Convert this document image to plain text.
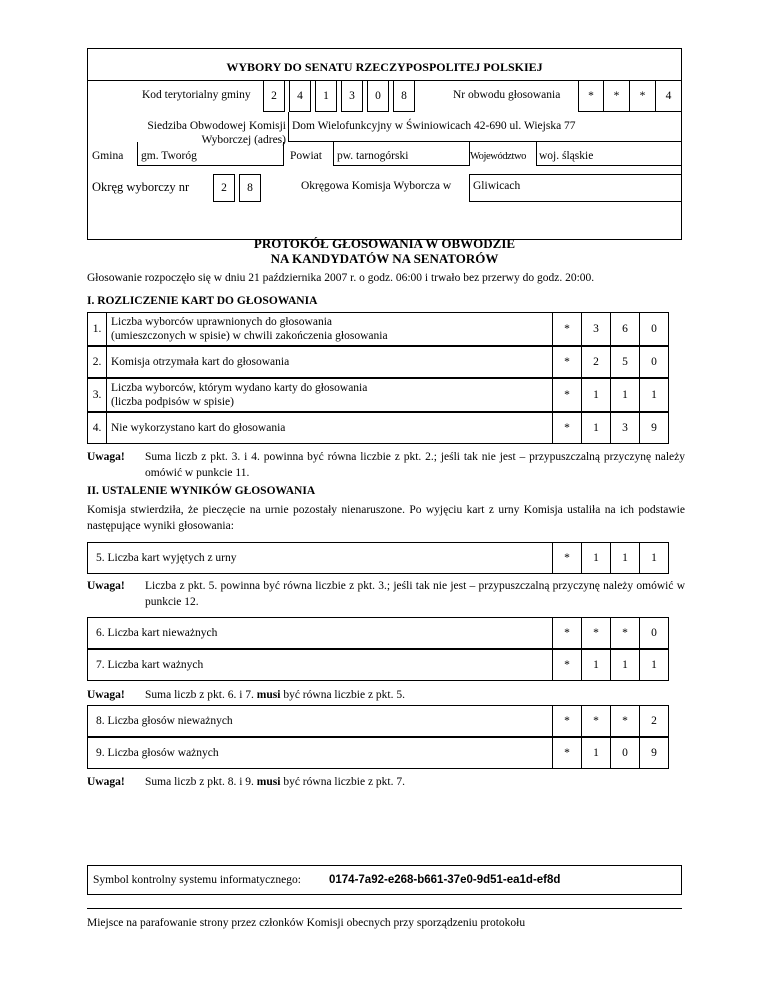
WYBORY DO SENATU RZECZYPOSPOLITEJ POLSKIEJ
Kod terytorialny gminy	2	4	1	3	0	8	Nr obwodu głosowania	*	*	*	4
Siedziba Obwodowej Komisji
Wyborczej (adres)
Dom Wielofunkcyjny w Świniowicach 42-690 ul. Wiejska 77
Gmina gm. Tworóg	Powiat pw. tarnogórski	Województwo	woj. śląskie
Okręg wyborczy nr	2	8	Okręgowa Komisja Wyborcza w Gliwicach
PROTOKÓŁ GŁOSOWANIA W OBWODZIE
NA KANDYDATÓW NA SENATORÓW
Głosowanie rozpoczęło się w dniu 21 października 2007 r. o godz. 06:00 i trwało bez przerwy do godz. 20:00.
I. ROZLICZENIE KART DO GŁOSOWANIA
1.
Liczba wyborców uprawnionych do głosowania
(umieszczonych w spisie) w chwili zakończenia głosowania
*	3	6	0
2. Komisja otrzymała kart do głosowania	*	2	5	0
3.
Liczba wyborców, którym wydano karty do głosowania
(liczba podpisów w spisie)
*	1	1	1
4. Nie wykorzystano kart do głosowania	*	1	3	9
Uwaga! Suma liczb z pkt. 3. i 4. powinna być równa liczbie z pkt. 2.; jeśli tak nie jest – przypuszczalną przyczynę należy omówić w punkcie 11.
II. USTALENIE WYNIKÓW GŁOSOWANIA
Komisja stwierdziła, że pieczęcie na urnie pozostały nienaruszone. Po wyjęciu kart z urny Komisja ustaliła na ich podstawie następujące wyniki głosowania:
5. Liczba kart wyjętych z urny	*	1	1	1
Uwaga! Liczba z pkt. 5. powinna być równa liczbie z pkt. 3.; jeśli tak nie jest – przypuszczalną przyczynę należy omówić w punkcie 12.
6. Liczba kart nieważnych	*	*	*	0
7. Liczba kart ważnych	*	1	1	1
Uwaga! Suma liczb z pkt. 6. i 7. musi być równa liczbie z pkt. 5.
8. Liczba głosów nieważnych	*	*	*	2
9. Liczba głosów ważnych	*	1	0	9
Uwaga! Suma liczb z pkt. 8. i 9. musi być równa liczbie z pkt. 7.
Symbol kontrolny systemu informatycznego: 0174-7a92-e268-b661-37e0-9d51-ea1d-ef8d
Miejsce na parafowanie strony przez członków Komisji obecnych przy sporządzeniu protokołu
